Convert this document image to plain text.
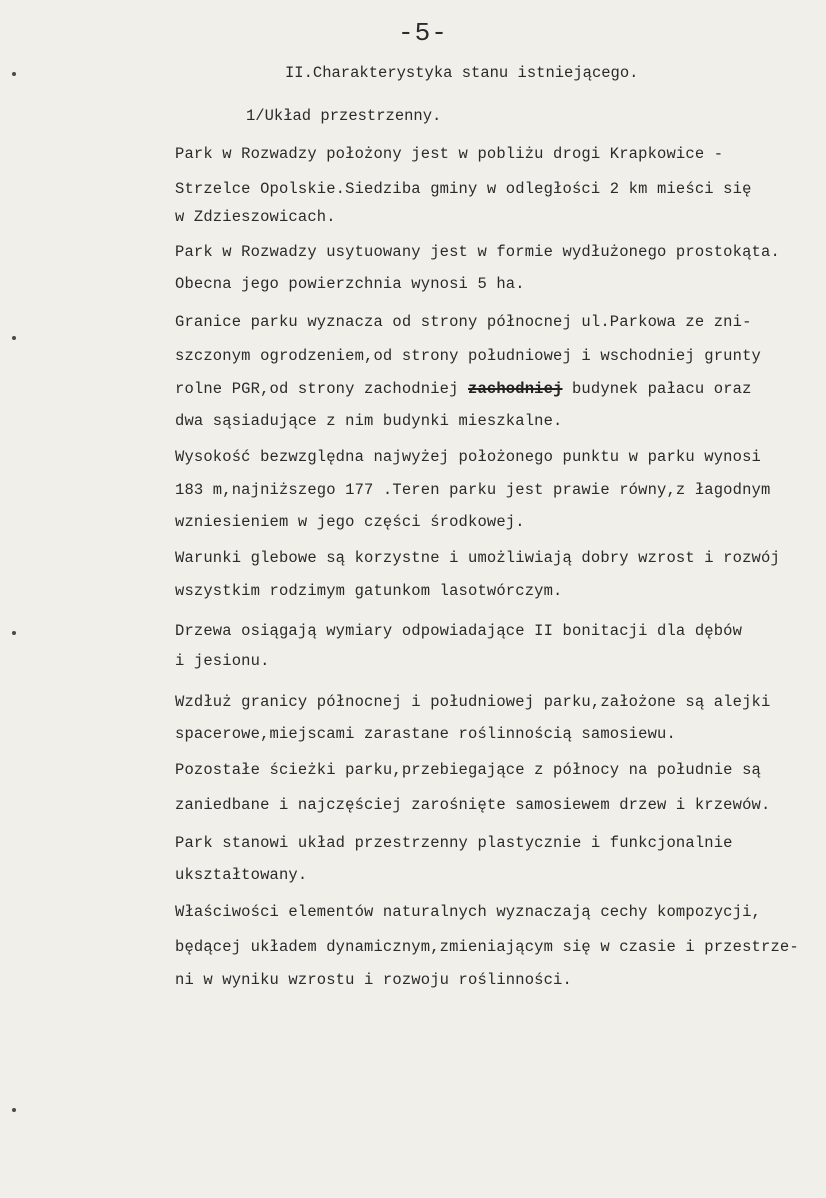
-5-
II.Charakterystyka stanu istniejącego.
1/Układ przestrzenny.
Park w Rozwadzy położony jest w pobliżu drogi Krapkowice -
Strzelce Opolskie.Siedziba gminy w odległości 2 km mieści się
w Zdzieszowicach.
Park w Rozwadzy usytuowany jest w formie wydłużonego prostokąta.
Obecna jego powierzchnia wynosi 5 ha.
Granice parku wyznacza od strony północnej ul.Parkowa ze zni-
szczonym ogrodzeniem,od strony południowej i wschodniej grunty
rolne PGR,od strony zachodniej zachodniej budynek pałacu oraz
dwa sąsiadujące z nim budynki mieszkalne.
Wysokość bezwzględna najwyżej położonego punktu w parku wynosi
183 m,najniższego 177 .Teren parku jest prawie równy,z łagodnym
wzniesieniem w jego części środkowej.
Warunki glebowe są korzystne i umożliwiają dobry wzrost i rozwój
wszystkim rodzimym gatunkom lasotwórczym.
Drzewa osiągają wymiary odpowiadające II bonitacji dla dębów
i jesionu.
Wzdłuż granicy północnej i południowej parku,założone są alejki
spacerowe,miejscami zarastane roślinnością samosiewu.
Pozostałe ścieżki parku,przebiegające z północy na południe są
zaniedbane i najczęściej zarośnięte samosiewem drzew i krzewów.
Park stanowi układ przestrzenny plastycznie i funkcjonalnie
ukształtowany.
Właściwości elementów naturalnych wyznaczają cechy kompozycji,
będącej układem dynamicznym,zmieniającym się w czasie i przestrze-
ni w wyniku wzrostu i rozwoju roślinności.
